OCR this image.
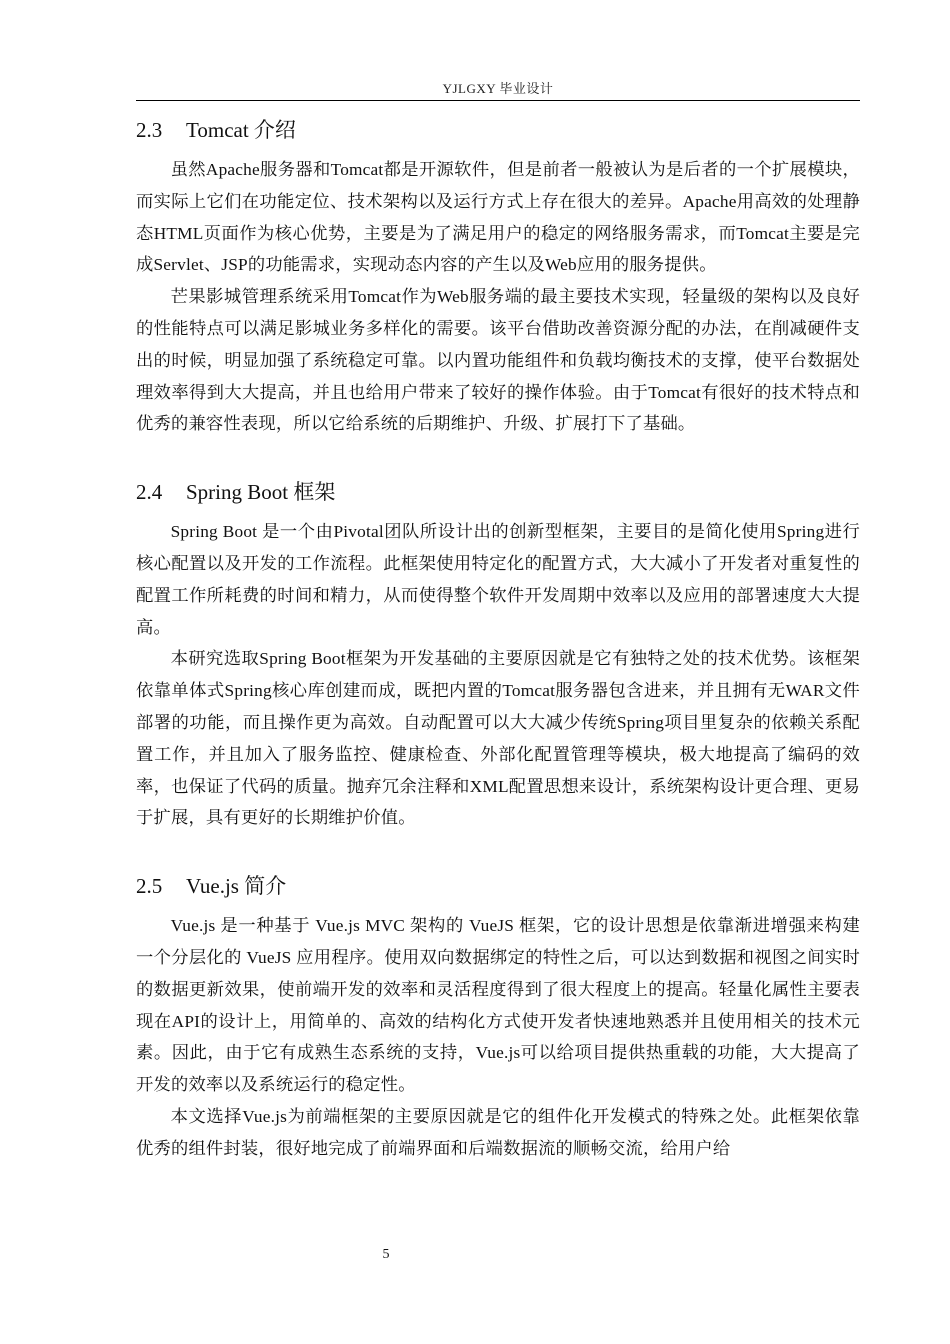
YJLGXY 毕业设计
2.3 Tomcat 介绍

虽然Apache服务器和Tomcat都是开源软件，但是前者一般被认为是后者的一个扩展模块，而实际上它们在功能定位、技术架构以及运行方式上存在很大的差异。Apache用高效的处理静态HTML页面作为核心优势，主要是为了满足用户的稳定的网络服务需求，而Tomcat主要是完成Servlet、JSP的功能需求，实现动态内容的产生以及Web应用的服务提供。

芒果影城管理系统采用Tomcat作为Web服务端的最主要技术实现，轻量级的架构以及良好的性能特点可以满足影城业务多样化的需要。该平台借助改善资源分配的办法，在削减硬件支出的时候，明显加强了系统稳定可靠。以内置功能组件和负载均衡技术的支撑，使平台数据处理效率得到大大提高，并且也给用户带来了较好的操作体验。由于Tomcat有很好的技术特点和优秀的兼容性表现，所以它给系统的后期维护、升级、扩展打下了基础。

2.4 Spring Boot 框架

Spring Boot 是一个由Pivotal团队所设计出的创新型框架，主要目的是简化使用Spring进行核心配置以及开发的工作流程。此框架使用特定化的配置方式，大大减小了开发者对重复性的配置工作所耗费的时间和精力，从而使得整个软件开发周期中效率以及应用的部署速度大大提高。

本研究选取Spring Boot框架为开发基础的主要原因就是它有独特之处的技术优势。该框架依靠单体式Spring核心库创建而成，既把内置的Tomcat服务器包含进来，并且拥有无WAR文件部署的功能，而且操作更为高效。自动配置可以大大减少传统Spring项目里复杂的依赖关系配置工作，并且加入了服务监控、健康检查、外部化配置管理等模块，极大地提高了编码的效率，也保证了代码的质量。抛弃冗余注释和XML配置思想来设计，系统架构设计更合理、更易于扩展，具有更好的长期维护价值。

2.5 Vue.js 简介

Vue.js 是一种基于 Vue.js MVC 架构的 VueJS 框架，它的设计思想是依靠渐进增强来构建一个分层化的 VueJS 应用程序。使用双向数据绑定的特性之后，可以达到数据和视图之间实时的数据更新效果，使前端开发的效率和灵活程度得到了很大程度上的提高。轻量化属性主要表现在API的设计上，用简单的、高效的结构化方式使开发者快速地熟悉并且使用相关的技术元素。因此，由于它有成熟生态系统的支持，Vue.js可以给项目提供热重载的功能，大大提高了开发的效率以及系统运行的稳定性。

本文选择Vue.js为前端框架的主要原因就是它的组件化开发模式的特殊之处。此框架依靠优秀的组件封装，很好地完成了前端界面和后端数据流的顺畅交流，给用户给

5
